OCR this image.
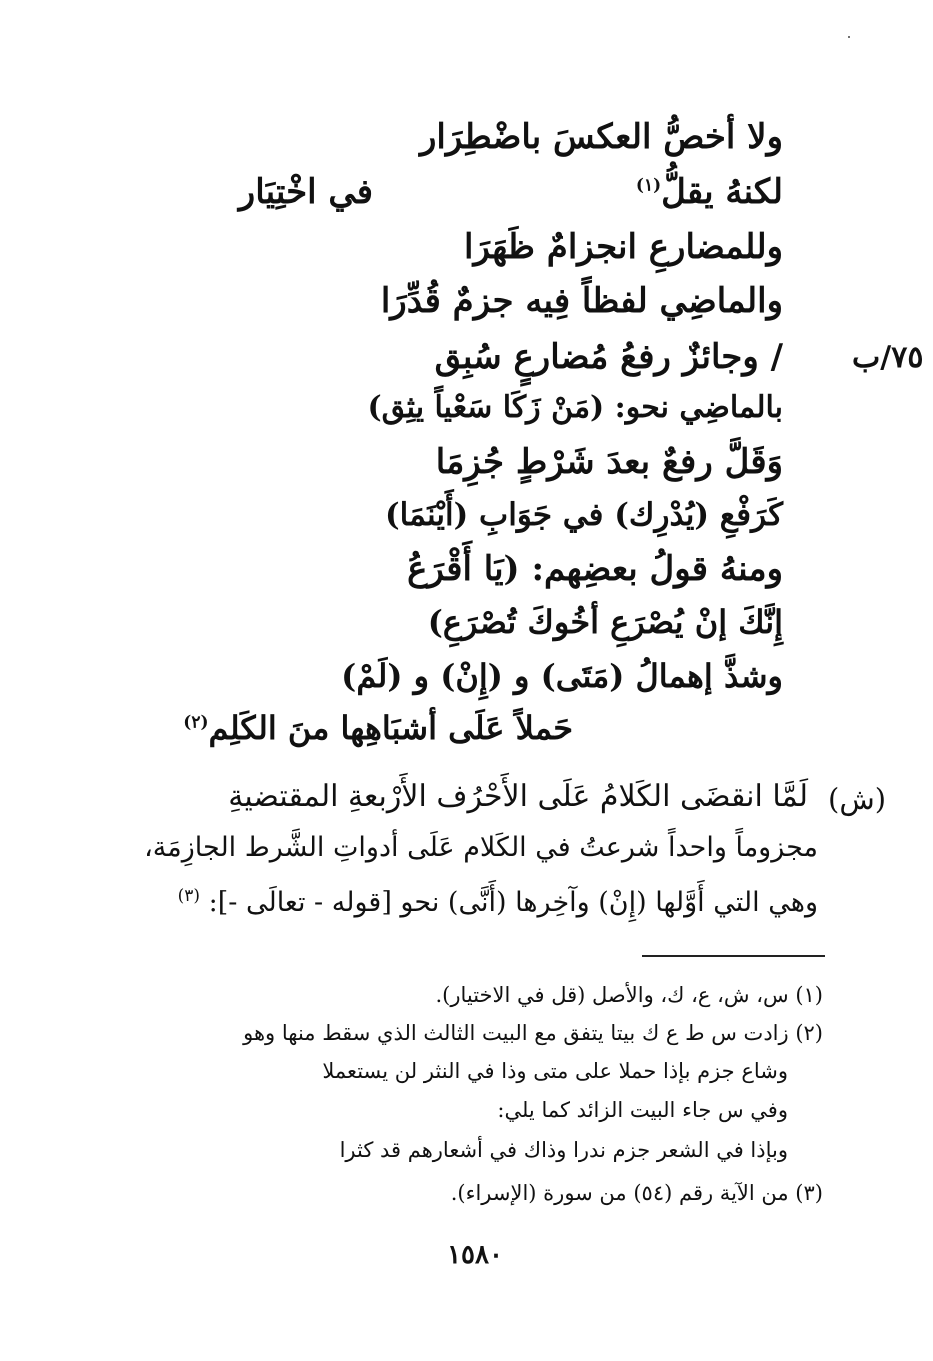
ولا أخصُّ العكسَ باضْطِرَار
لكنهُ يقلُّ$^{(١)}$
في اخْتِيَار
وللمضارعِ انجزامٌ ظَهَرَا
والماضِي لفظاً فِيه جزمٌ قُدِّرَا
٧٥/ب
/ وجائزٌ رفعُ مُضارعٍ سُبِق
بالماضِي نحو: (مَنْ زَكَا سَعْياً يثِق)
وَقَلَّ رفعٌ بعدَ شَرْطٍ جُزِمَا
كَرَفْعِ (يُدْرِك) في جَوَابِ (أَيْنَمَا)
ومنهُ قولُ بعضِهم: (يَا أَقْرَعُ
إِنَّكَ إنْ يُصْرَعِ أخُوكَ تُصْرَعِ)
وشذَّ إهمالُ (مَتَى) و (إِنْ) و (لَمْ)
حَملاً عَلَى أشبَاهِها منَ الكَلِم$^{(٢)}$
(ش)
لَمَّا انقضَى الكَلامُ عَلَى الأَحْرُف الأَرْبعةِ المقتضيةِ
مجزوماً واحداً شرعتُ في الكَلام عَلَى أدواتِ الشَّرط الجازِمَة،
وهي التي أَوَّلها (إِنْ) وآخِرها (أَنَّى) نحو [قوله - تعالَى -]: $^{(٣)}$
(١) س، ش، ع، ك، والأصل (قل في الاختيار).
(٢) زادت س ط ع ك بيتا يتفق مع البيت الثالث الذي سقط منها وهو
وشاع جزم بإذا حملا على متى وذا في النثر لن يستعملا
وفي س جاء البيت الزائد كما يلي:
وبإذا في الشعر جزم ندرا وذاك في أشعارهم قد كثرا
(٣) من الآية رقم (٥٤) من سورة (الإسراء).
١٥٨٠
